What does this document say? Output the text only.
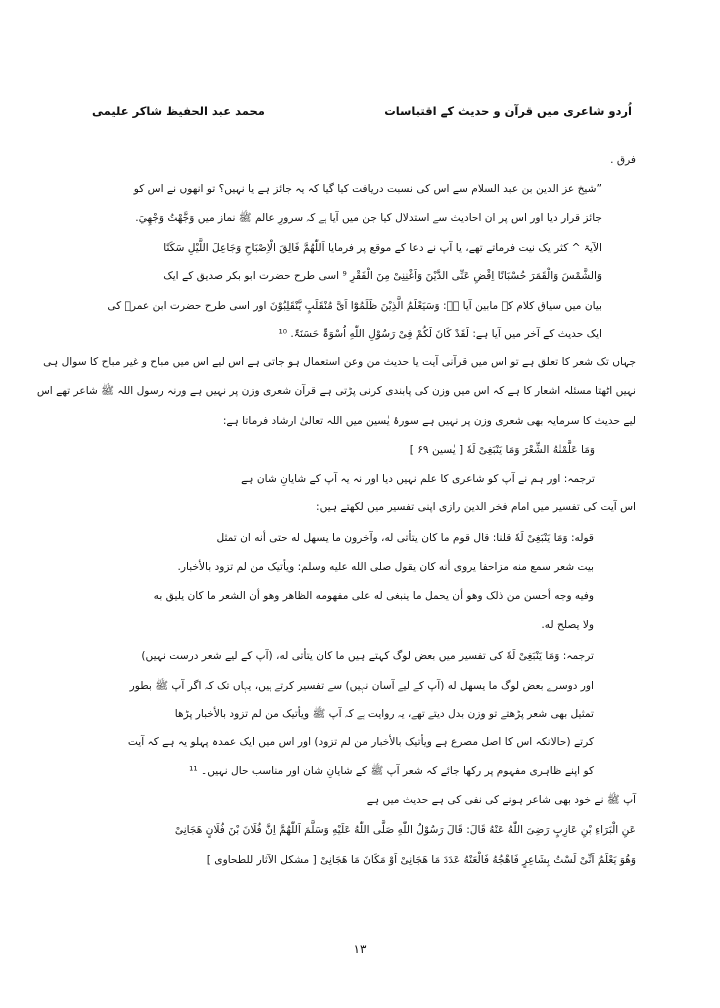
محمد عبد الحفیظ شاکر علیمی	اُردو شاعری میں قرآن و حدیث کے اقتباسات
فرق .
”شیخ عز الدین بن عبد السلام سے اس کی نسبت دریافت کیا گیا کہ یہ جائز ہے یا نہیں؟ تو انھوں نے اس کو
جائز قرار دیا اور اس پر ان احادیث سے استدلال کیا جن میں آیا ہے کہ سرورِ عالم ﷺ نماز میں وَجَّهْتُ وَجْهِيَ.
الآیۃ ^ کثر یک نیت فرماتے تھے، یا آپ نے دعا کے موقع پر فرمایا اَللّٰھُمَّ فَالِقَ الْاِصْبَاحِ وَجَاعِلَ اللَّیْلِ سَکَنًا
وَالشَّمْسَ وَالْقَمَرَ حُسْبَانًا اِقْضِ عَنِّی الدَّیْنَ وَاَغْنِنِیْ مِنَ الْفَقْرِ ⁹ اسی طرح حضرت ابو بکر صدیق کے ایک
بیان میں سیاق کلام کے مابین آیا ہے: وَسَیَعْلَمُ الَّذِیْنَ ظَلَمُوْٓا اَیَّ مُنْقَلَبٍ یَّنْقَلِبُوْنَ اور اسی طرح حضرت ابن عمرؓ کی
ایک حدیث کے آخر میں آیا ہے: لَقَدْ کَانَ لَکُمْ فِیْ رَسُوْلِ اللّٰهِ اُسْوَۃٌ حَسَنَۃٌ. ¹⁰
جہاں تک شعر کا تعلق ہے تو اس میں قرآنی آیت یا حدیث من وعن استعمال ہو جاتی ہے اس لیے اس میں مباح و غیر مباح کا سوال ہی
نہیں اٹھتا مسئلہ اشعار کا ہے کہ اس میں وزن کی پابندی کرنی پڑتی ہے قرآن شعری وزن پر نہیں ہے ورنہ رسول اللہ ﷺ شاعر تھے اس
لیے حدیث کا سرمایہ بھی شعری وزن پر نہیں ہے سورۂ یٰسین میں اللہ تعالیٰ ارشاد فرماتا ہے:
وَمَا عَلَّمْنٰهُ الشِّعْرَ وَمَا یَنْبَغِیْ لَهٗ [ یٰسین ۶۹ ]
ترجمہ: اور ہم نے آپ کو شاعری کا علم نہیں دیا اور نہ یہ آپ کے شایانِ شان ہے
اس آیت کی تفسیر میں امام فخر الدین رازی اپنی تفسیر میں لکھتے ہیں:
قوله: وَمَا یَنْبَغِیْ لَهٗ قلنا: قال قوم ما کان یتأتی له، وآخرون ما یسهل له حتی أنه ان تمثل
بیت شعر سمع منه مزاحفا یروی أنه کان یقول صلی الله علیه وسلم: ویأتیک من لم تزود بالأخبار.
وفیه وجه أحسن من ذلک وهو أن یحمل ما ینبغی له علی مفهومه الظاهر وهو أن الشعر ما کان یلیق به
ولا یصلح له.
ترجمہ: وَمَا یَنْبَغِیْ لَهٗ کی تفسیر میں بعض لوگ کہتے ہیں ما کان یتأتی له، (آپ کے لیے شعر درست نہیں)
اور دوسرے بعض لوگ ما یسهل له (آپ کے لیے آسان نہیں) سے تفسیر کرتے ہیں، یہاں تک کہ اگر آپ ﷺ بطور
تمثیل بھی شعر پڑھتے تو وزن بدل دیتے تھے، یہ روایت ہے کہ آپ ﷺ ویأتیک من لم تزود بالأخبار پڑھا
کرتے (حالانکہ اس کا اصل مصرع ہے ویأتیک بالأخبار من لم تزود) اور اس میں ایک عمدہ پہلو یہ ہے کہ آیت
کو اپنے ظاہری مفہوم پر رکھا جائے کہ شعر آپ ﷺ کے شایانِ شان اور مناسب حال نہیں۔ ¹¹
آپ ﷺ نے خود بھی شاعر ہونے کی نفی کی ہے حدیث میں ہے
عَنِ الْبَرَاءِ بْنِ عَازِبٍ رَضِیَ اللّٰهُ عَنْهُ قَالَ: قَالَ رَسُوْلُ اللّٰهِ صَلَّی اللّٰهُ عَلَیْهِ وَسَلَّمَ اَللّٰھُمَّ اِنَّ فُلَانَ بْنَ فُلَانٍ هَجَانِیْ
وَهُوَ یَعْلَمُ اَنِّیْ لَسْتُ بِشَاعِرٍ فَاهْجُهُ فَالْعَنْهُ عَدَدَ مَا هَجَانِیْ اَوْ مَکَانَ مَا هَجَانِیْ [ مشکل الآثار للطحاوی ]
۱۳
